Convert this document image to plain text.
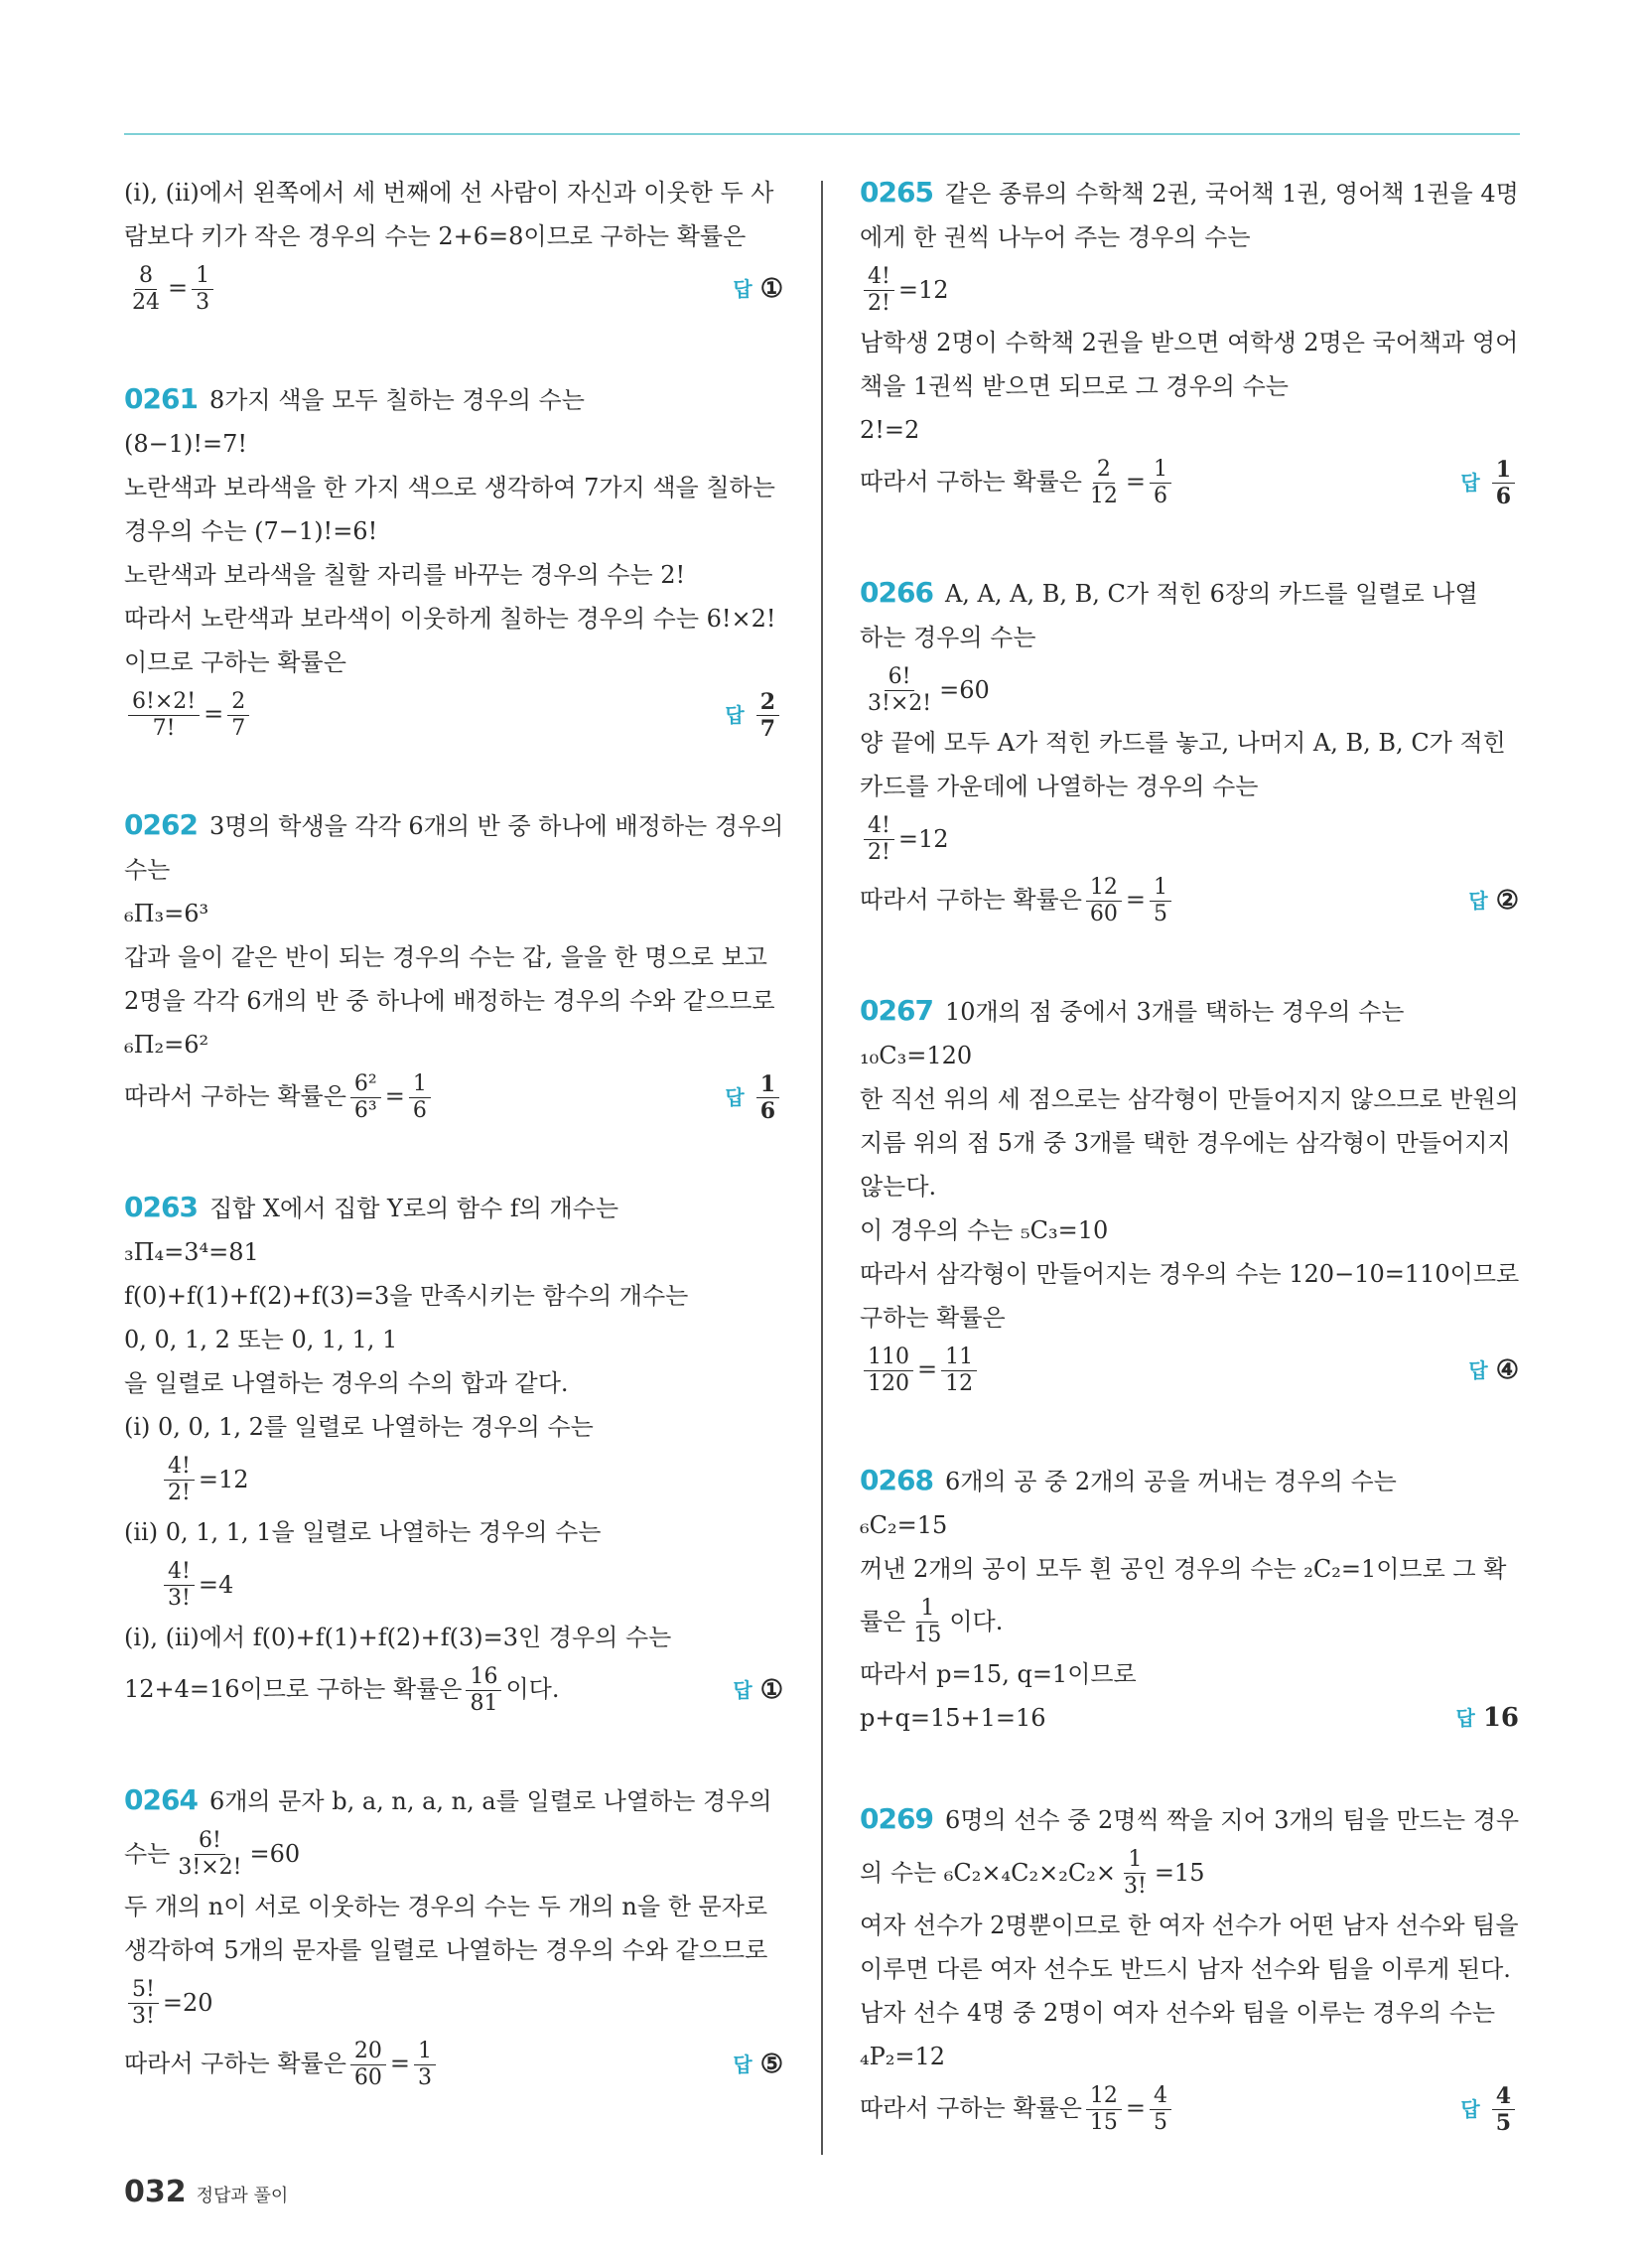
(ⅰ), (ⅱ)에서 왼쪽에서 세 번째에 선 사람이 자신과 이웃한 두 사
람보다 키가 작은 경우의 수는 2+6=8이므로 구하는 확률은
$\frac{8}{24} = \frac{1}{3}$	답 ①
0261 8가지 색을 모두 칠하는 경우의 수는
(8−1)!=7!
노란색과 보라색을 한 가지 색으로 생각하여 7가지 색을 칠하는
경우의 수는 (7−1)!=6!
노란색과 보라색을 칠할 자리를 바꾸는 경우의 수는 2!
따라서 노란색과 보라색이 이웃하게 칠하는 경우의 수는 6!×2!
이므로 구하는 확률은
$\frac{6!\times 2!}{7!} = \frac{2}{7}$	답 $\frac{2}{7}$
0262 3명의 학생을 각각 6개의 반 중 하나에 배정하는 경우의
수는
₆Π₃=6³
갑과 을이 같은 반이 되는 경우의 수는 갑, 을을 한 명으로 보고
2명을 각각 6개의 반 중 하나에 배정하는 경우의 수와 같으므로
₆Π₂=6²
따라서 구하는 확률은 $\frac{\text{6²}}{\text{6³}} = \frac{1}{6}$	답 $\frac{1}{6}$
0263 집합 X에서 집합 Y로의 함수 f의 개수는
₃Π₄=3⁴=81
f(0)+f(1)+f(2)+f(3)=3을 만족시키는 함수의 개수는
0, 0, 1, 2 또는 0, 1, 1, 1
을 일렬로 나열하는 경우의 수의 합과 같다.
(ⅰ) 0, 0, 1, 2를 일렬로 나열하는 경우의 수는
$\frac{4!}{2!} =12$
(ⅱ) 0, 1, 1, 1을 일렬로 나열하는 경우의 수는
$\frac{4!}{3!} =4$
(ⅰ), (ⅱ)에서 f(0)+f(1)+f(2)+f(3)=3인 경우의 수는
12+4=16이므로 구하는 확률은 $\frac{16}{81}$ 이다.	답 ①
0264 6개의 문자 b, a, n, a, n, a를 일렬로 나열하는 경우의
수는 $\frac{6!}{3!\times 2!} =60$
두 개의 n이 서로 이웃하는 경우의 수는 두 개의 n을 한 문자로
생각하여 5개의 문자를 일렬로 나열하는 경우의 수와 같으므로
$\frac{5!}{3!} =20$
따라서 구하는 확률은 $\frac{20}{60} = \frac{1}{3}$	답 ⑤
0265 같은 종류의 수학책 2권, 국어책 1권, 영어책 1권을 4명
에게 한 권씩 나누어 주는 경우의 수는
$\frac{4!}{2!} =12$
남학생 2명이 수학책 2권을 받으면 여학생 2명은 국어책과 영어
책을 1권씩 받으면 되므로 그 경우의 수는
2!=2
따라서 구하는 확률은 $\frac{2}{12} = \frac{1}{6}$	답 $\frac{1}{6}$
0266 A, A, A, B, B, C가 적힌 6장의 카드를 일렬로 나열
하는 경우의 수는
$\frac{6!}{3!\times 2!} =60$
양 끝에 모두 A가 적힌 카드를 놓고, 나머지 A, B, B, C가 적힌
카드를 가운데에 나열하는 경우의 수는
$\frac{4!}{2!} =12$
따라서 구하는 확률은 $\frac{12}{60} = \frac{1}{5}$	답 ②
0267 10개의 점 중에서 3개를 택하는 경우의 수는
₁₀C₃=120
한 직선 위의 세 점으로는 삼각형이 만들어지지 않으므로 반원의
지름 위의 점 5개 중 3개를 택한 경우에는 삼각형이 만들어지지
않는다.
이 경우의 수는 ₅C₃=10
따라서 삼각형이 만들어지는 경우의 수는 120−10=110이므로
구하는 확률은
$\frac{110}{120} = \frac{11}{12}$	답 ④
0268 6개의 공 중 2개의 공을 꺼내는 경우의 수는
₆C₂=15
꺼낸 2개의 공이 모두 흰 공인 경우의 수는 ₂C₂=1이므로 그 확
률은 $\frac{1}{15}$ 이다.
따라서 p=15, q=1이므로
p+q=15+1=16	답 16
0269 6명의 선수 중 2명씩 짝을 지어 3개의 팀을 만드는 경우
의 수는 $_6C_2\times_4C_2\times_2C_2\times \frac{1}{3!} =15$
여자 선수가 2명뿐이므로 한 여자 선수가 어떤 남자 선수와 팀을
이루면 다른 여자 선수도 반드시 남자 선수와 팀을 이루게 된다.
남자 선수 4명 중 2명이 여자 선수와 팀을 이루는 경우의 수는
₄P₂=12
따라서 구하는 확률은 $\frac{12}{15} = \frac{4}{5}$	답 $\frac{4}{5}$
032 정답과 풀이
